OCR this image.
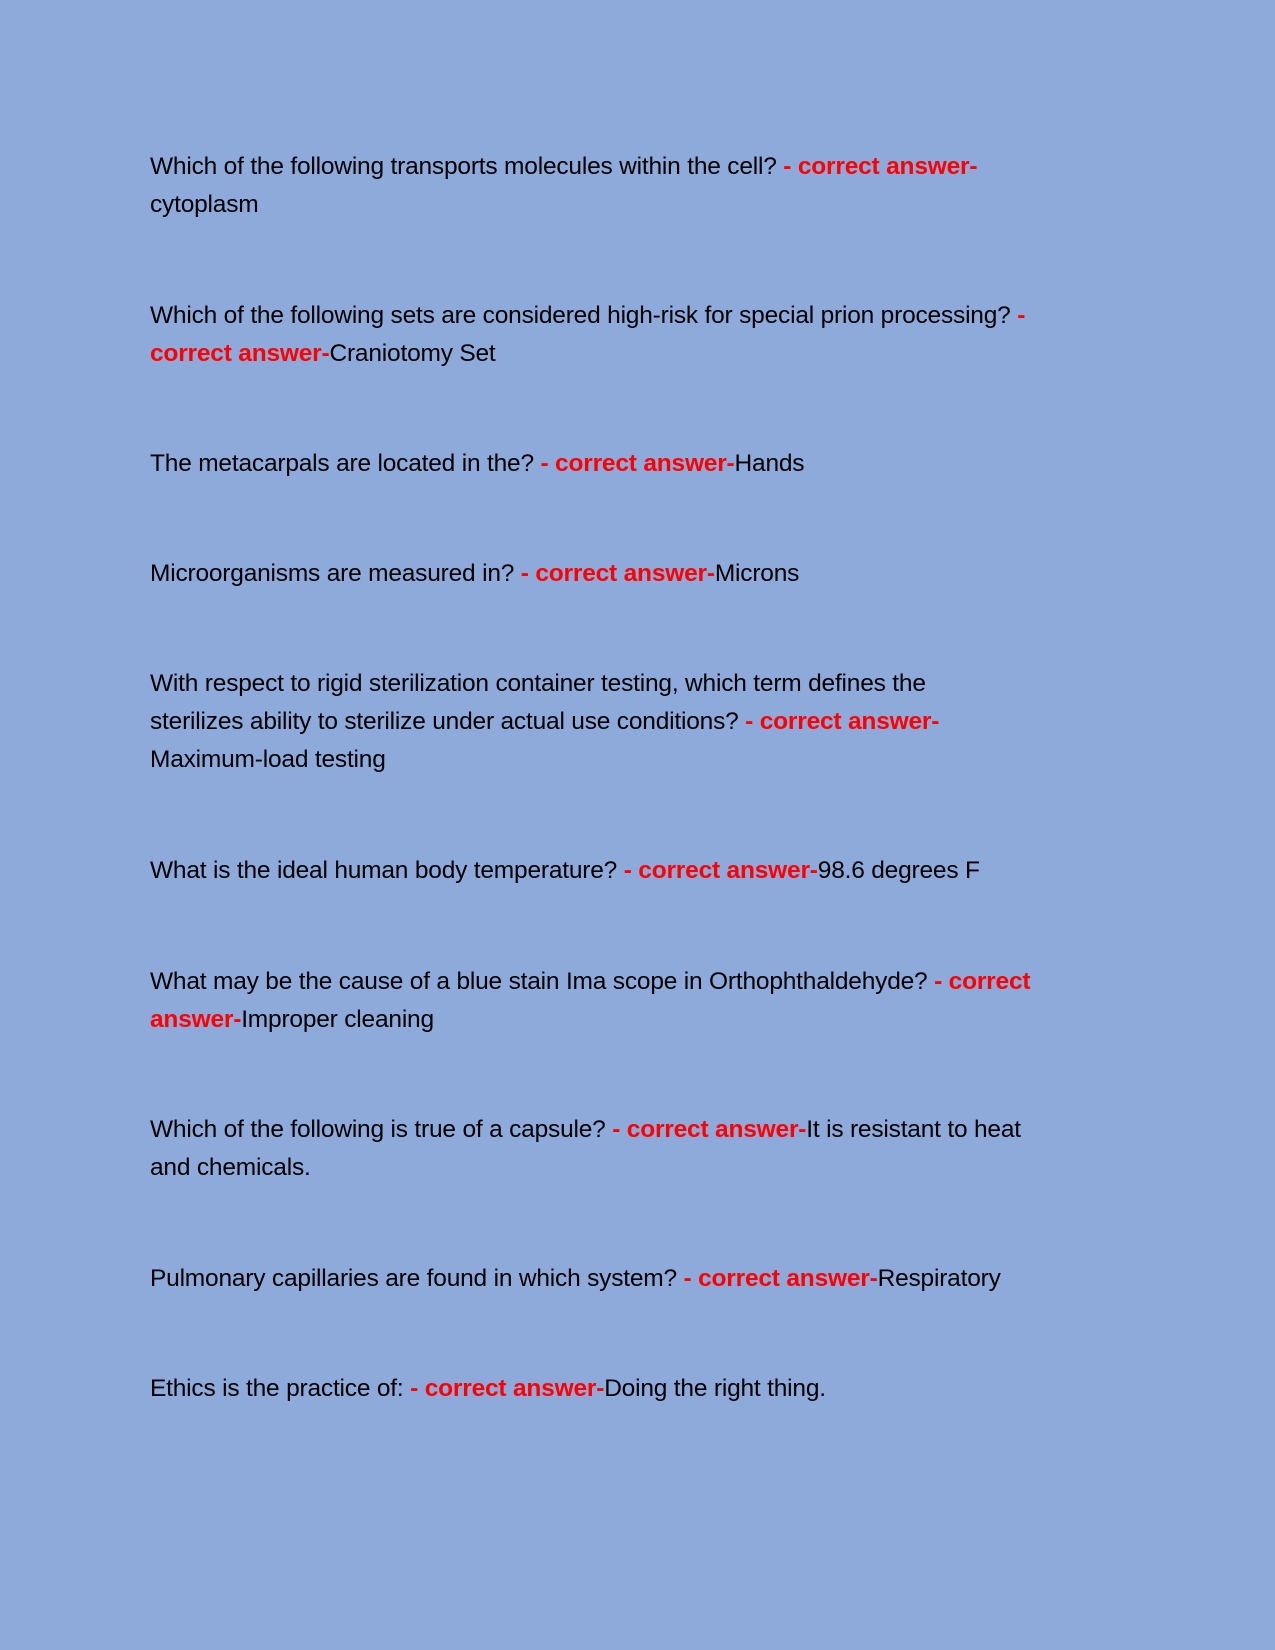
Which of the following transports molecules within the cell? - correct answer-
cytoplasm

Which of the following sets are considered high-risk for special prion processing? -
correct answer-Craniotomy Set

The metacarpals are located in the? - correct answer-Hands

Microorganisms are measured in? - correct answer-Microns

With respect to rigid sterilization container testing, which term defines the
sterilizes ability to sterilize under actual use conditions? - correct answer-
Maximum-load testing

What is the ideal human body temperature? - correct answer-98.6 degrees F

What may be the cause of a blue stain Ima scope in Orthophthaldehyde? - correct
answer-Improper cleaning

Which of the following is true of a capsule? - correct answer-It is resistant to heat
and chemicals.

Pulmonary capillaries are found in which system? - correct answer-Respiratory

Ethics is the practice of: - correct answer-Doing the right thing.
